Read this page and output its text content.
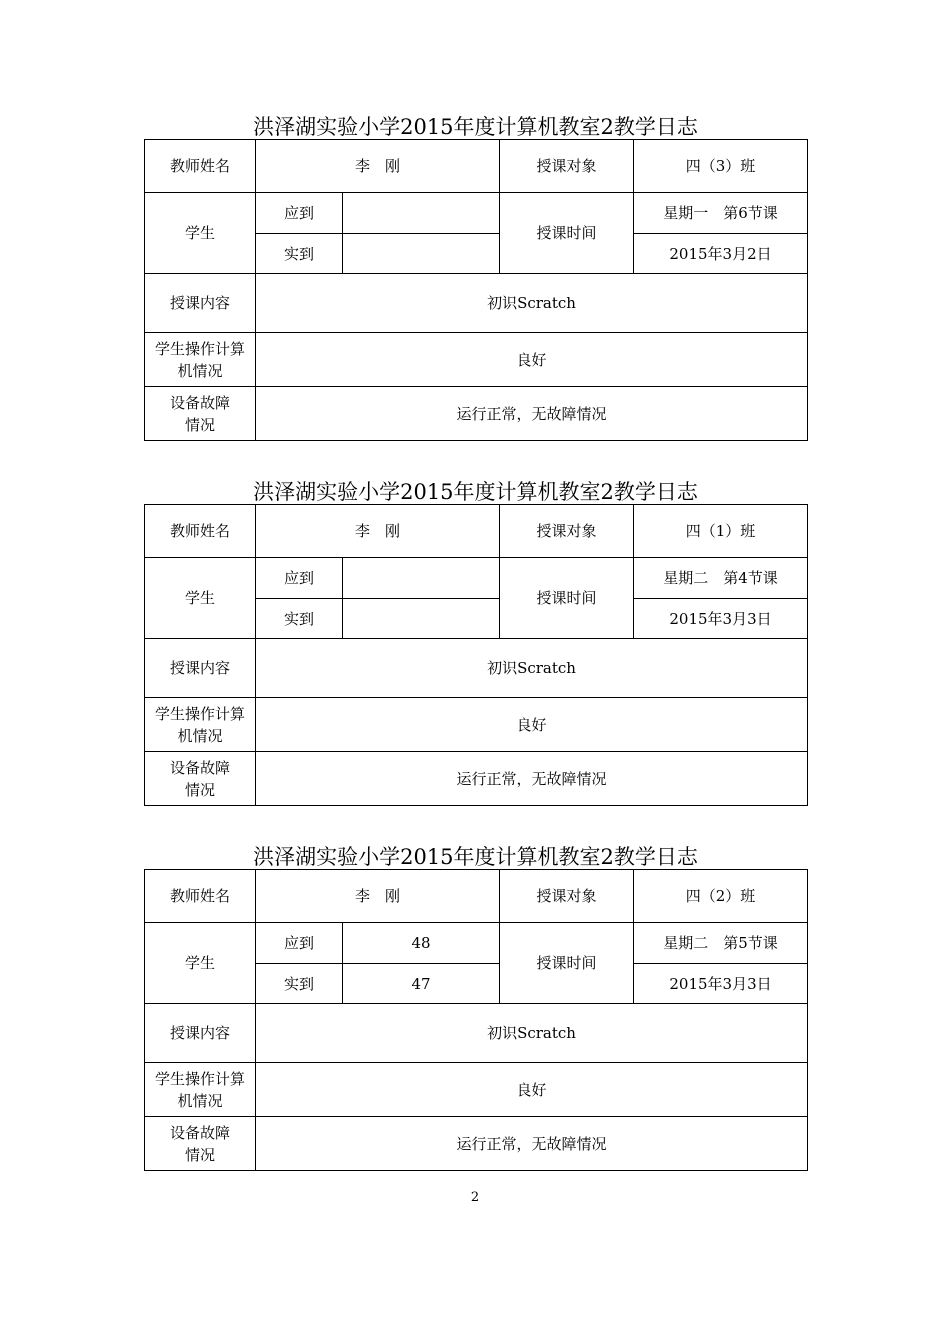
洪泽湖实验小学2015年度计算机教室2教学日志
教师姓名	李　刚		授课对象	四（3）班
学生	应到		授课时间	星期一　第6节课
	实到			2015年3月2日
授课内容	初识Scratch			
学生操作计算机情况	良好			
设备故障情况	运行正常，无故障情况			
洪泽湖实验小学2015年度计算机教室2教学日志
教师姓名	李　刚		授课对象	四（1）班
学生	应到		授课时间	星期二　第4节课
	实到			2015年3月3日
授课内容	初识Scratch			
学生操作计算机情况	良好			
设备故障情况	运行正常，无故障情况			
洪泽湖实验小学2015年度计算机教室2教学日志
教师姓名	李　刚		授课对象	四（2）班
学生	应到	48	授课时间	星期二　第5节课
	实到	47		2015年3月3日
授课内容	初识Scratch			
学生操作计算机情况	良好			
设备故障情况	运行正常，无故障情况			
2
